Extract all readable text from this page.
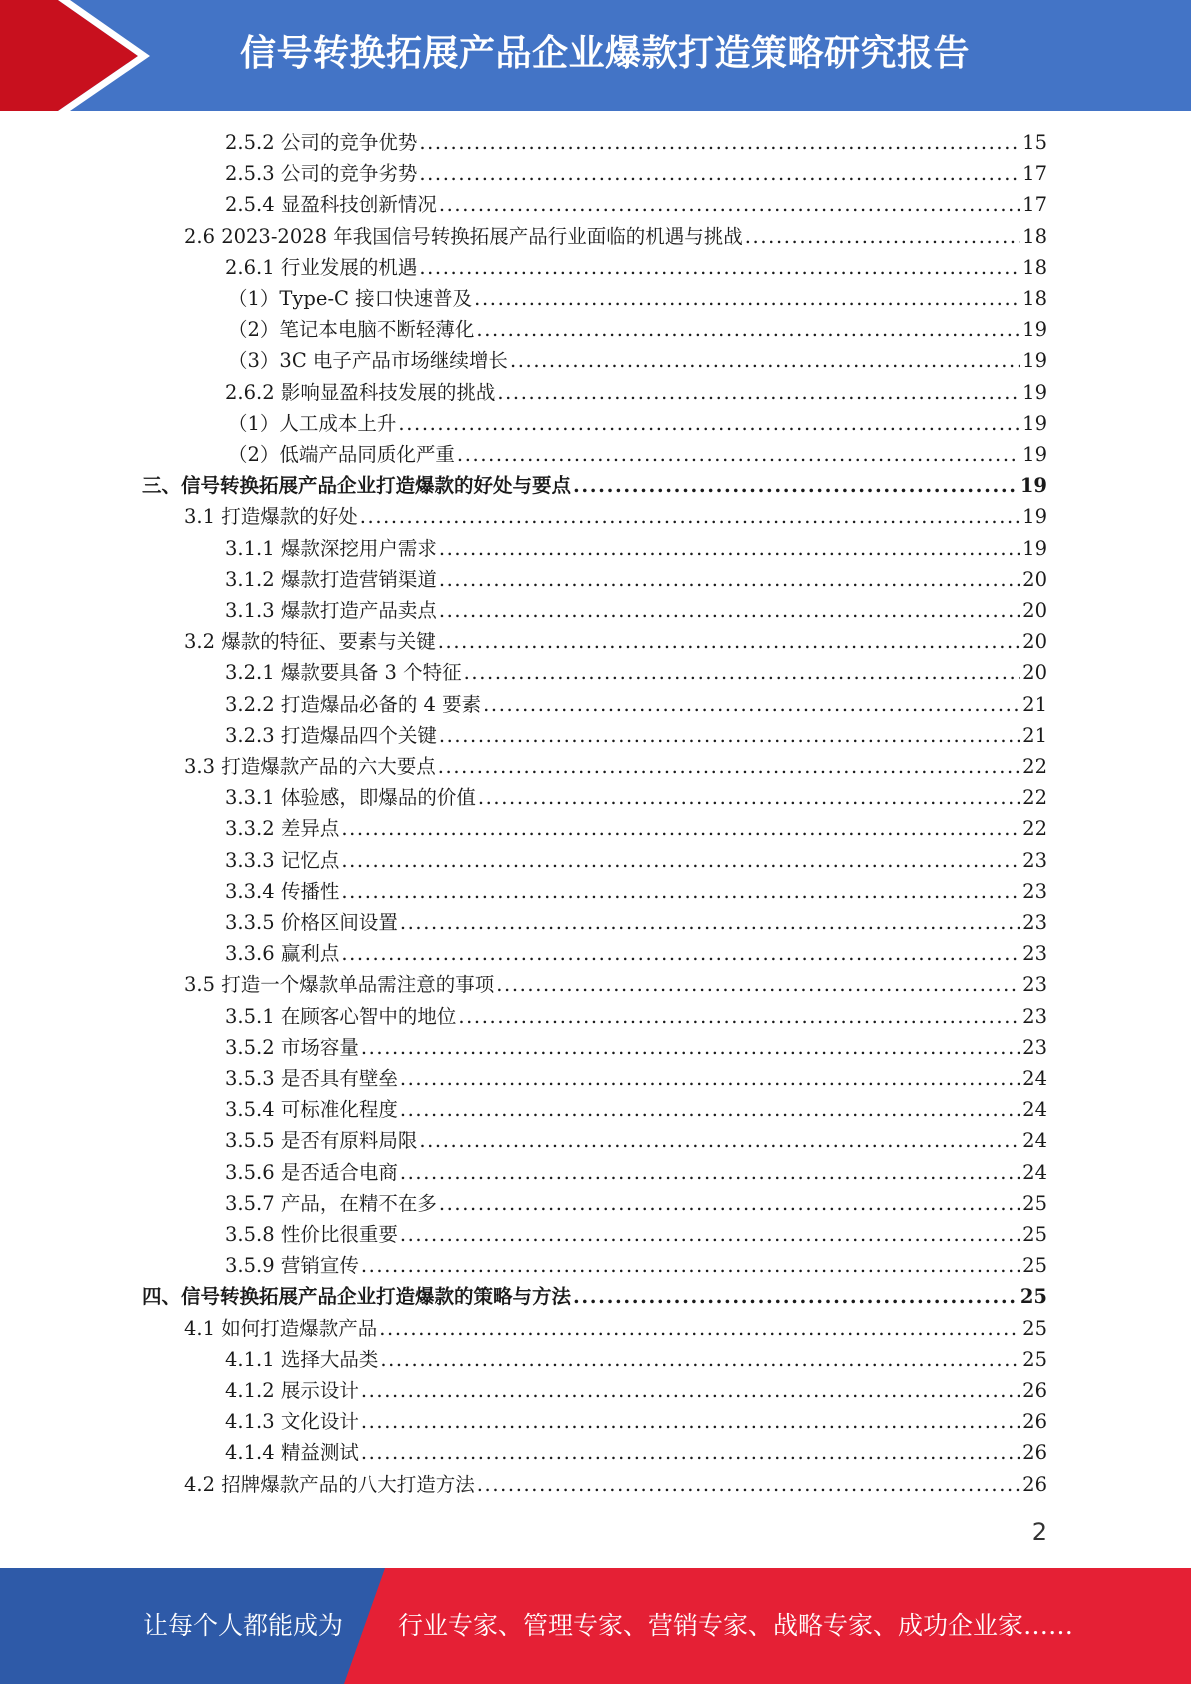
信号转换拓展产品企业爆款打造策略研究报告
2.5.2 公司的竞争优势 .....	15
2.5.3 公司的竞争劣势 .....	17
2.5.4 显盈科技创新情况 .....	17
2.6 2023-2028 年我国信号转换拓展产品行业面临的机遇与挑战 .....	18
2.6.1 行业发展的机遇 .....	18
（1）Type-C 接口快速普及 .....	18
（2）笔记本电脑不断轻薄化 .....	19
（3）3C 电子产品市场继续增长 .....	19
2.6.2 影响显盈科技发展的挑战 .....	19
（1）人工成本上升 .....	19
（2）低端产品同质化严重 .....	19
三、信号转换拓展产品企业打造爆款的好处与要点 .....	19
3.1 打造爆款的好处 .....	19
3.1.1 爆款深挖用户需求 .....	19
3.1.2 爆款打造营销渠道 .....	20
3.1.3 爆款打造产品卖点 .....	20
3.2 爆款的特征、要素与关键 .....	20
3.2.1 爆款要具备 3 个特征 .....	20
3.2.2 打造爆品必备的 4 要素 .....	21
3.2.3 打造爆品四个关键 .....	21
3.3 打造爆款产品的六大要点 .....	22
3.3.1 体验感，即爆品的价值 .....	22
3.3.2 差异点 .....	22
3.3.3 记忆点 .....	23
3.3.4 传播性 .....	23
3.3.5 价格区间设置 .....	23
3.3.6 赢利点 .....	23
3.5 打造一个爆款单品需注意的事项 .....	23
3.5.1 在顾客心智中的地位 .....	23
3.5.2 市场容量 .....	23
3.5.3 是否具有壁垒 .....	24
3.5.4 可标准化程度 .....	24
3.5.5 是否有原料局限 .....	24
3.5.6 是否适合电商 .....	24
3.5.7 产品，在精不在多 .....	25
3.5.8 性价比很重要 .....	25
3.5.9 营销宣传 .....	25
四、信号转换拓展产品企业打造爆款的策略与方法 .....	25
4.1 如何打造爆款产品 .....	25
4.1.1 选择大品类 .....	25
4.1.2 展示设计 .....	26
4.1.3 文化设计 .....	26
4.1.4 精益测试 .....	26
4.2 招牌爆款产品的八大打造方法 .....	26
2
让每个人都能成为 行业专家、管理专家、营销专家、战略专家、成功企业家……
